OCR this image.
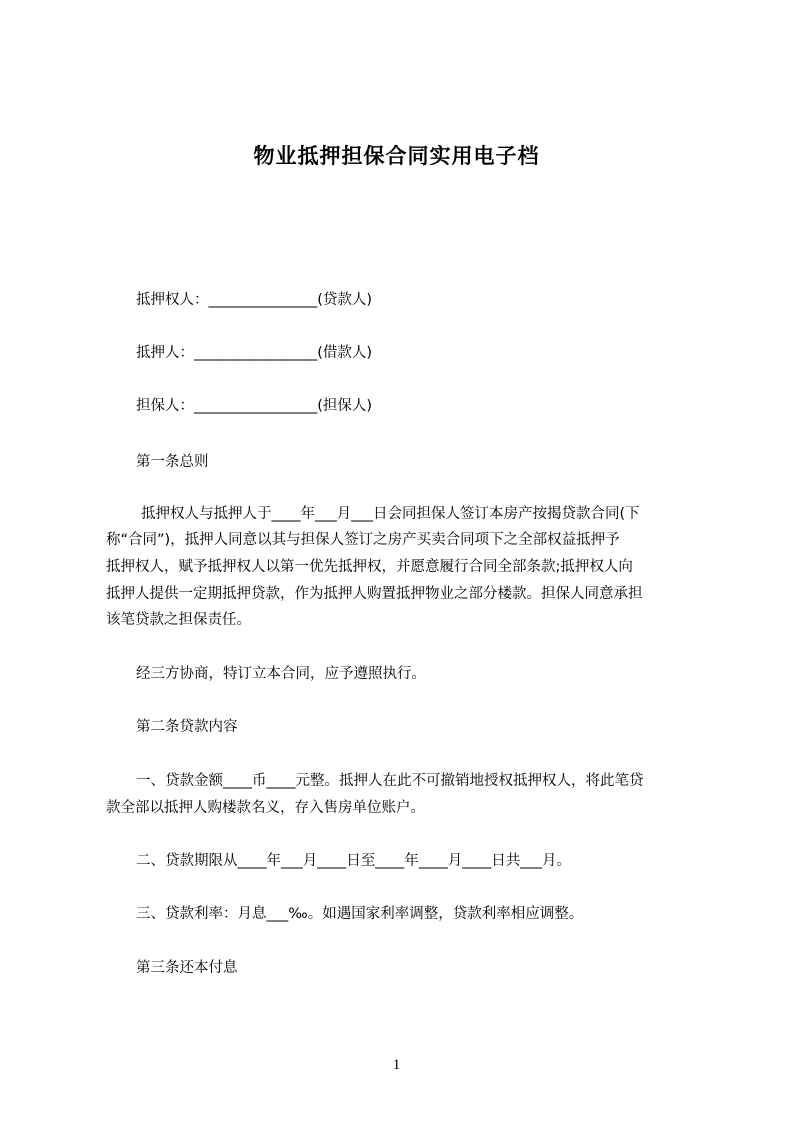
物业抵押担保合同实用电子档
抵押权人：_______________(贷款人)
抵押人：_________________(借款人)
担保人：_________________(担保人)
第一条总则
抵押权人与抵押人于____年___月___日会同担保人签订本房产按揭贷款合同(下
称“合同”)，抵押人同意以其与担保人签订之房产买卖合同项下之全部权益抵押予
抵押权人，赋予抵押权人以第一优先抵押权，并愿意履行合同全部条款;抵押权人向
抵押人提供一定期抵押贷款，作为抵押人购置抵押物业之部分楼款。担保人同意承担
该笔贷款之担保责任。
经三方协商，特订立本合同，应予遵照执行。
第二条贷款内容
一、贷款金额____币____元整。抵押人在此不可撤销地授权抵押权人，将此笔贷
款全部以抵押人购楼款名义，存入售房单位账户。
二、贷款期限从____年___月____日至____年____月____日共___月。
三、贷款利率：月息___‰。如遇国家利率调整，贷款利率相应调整。
第三条还本付息
1
